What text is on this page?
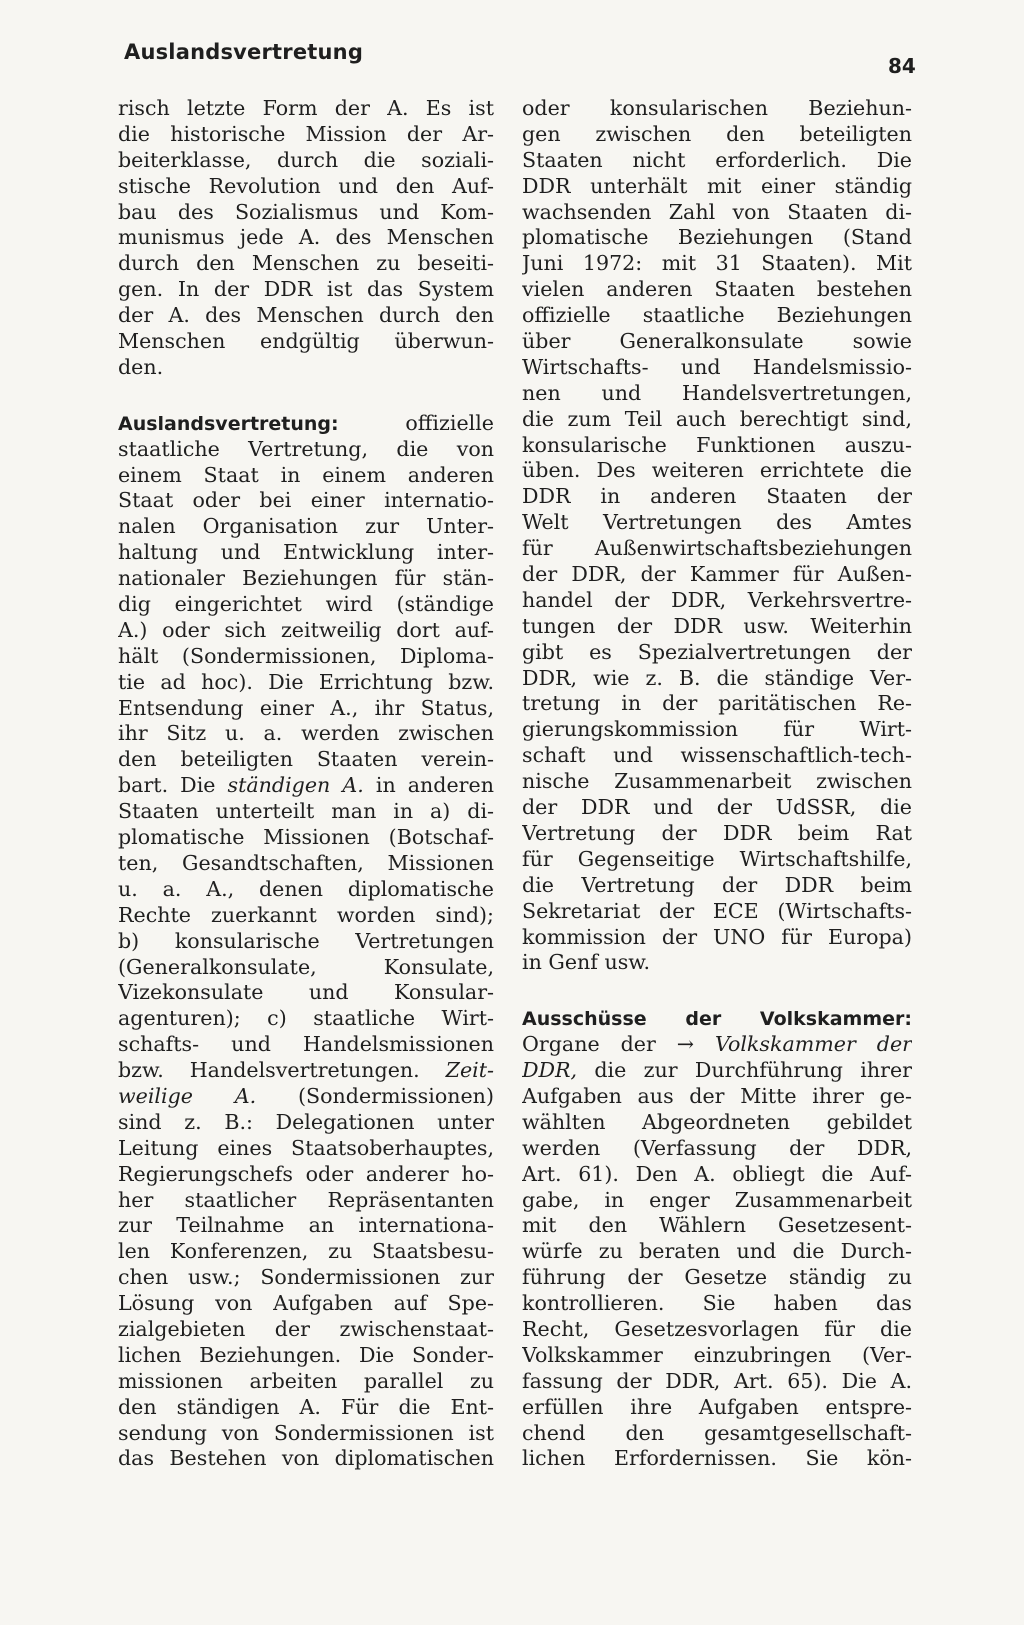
Auslandsvertretung
84
risch letzte Form der A. Es ist
die historische Mission der Ar-
beiterklasse, durch die soziali-
stische Revolution und den Auf-
bau des Sozialismus und Kom-
munismus jede A. des Menschen
durch den Menschen zu beseiti-
gen. In der DDR ist das System
der A. des Menschen durch den
Menschen endgültig überwun-
den.
Auslandsvertretung: offizielle
staatliche Vertretung, die von
einem Staat in einem anderen
Staat oder bei einer internatio-
nalen Organisation zur Unter-
haltung und Entwicklung inter-
nationaler Beziehungen für stän-
dig eingerichtet wird (ständige
A.) oder sich zeitweilig dort auf-
hält (Sondermissionen, Diploma-
tie ad hoc). Die Errichtung bzw.
Entsendung einer A., ihr Status,
ihr Sitz u. a. werden zwischen
den beteiligten Staaten verein-
bart. Die ständigen A. in anderen
Staaten unterteilt man in a) di-
plomatische Missionen (Botschaf-
ten, Gesandtschaften, Missionen
u. a. A., denen diplomatische
Rechte zuerkannt worden sind);
b) konsularische Vertretungen
(Generalkonsulate, Konsulate,
Vizekonsulate und Konsular-
agenturen); c) staatliche Wirt-
schafts- und Handelsmissionen
bzw. Handelsvertretungen. Zeit-
weilige A. (Sondermissionen)
sind z. B.: Delegationen unter
Leitung eines Staatsoberhauptes,
Regierungschefs oder anderer ho-
her staatlicher Repräsentanten
zur Teilnahme an internationa-
len Konferenzen, zu Staatsbesu-
chen usw.; Sondermissionen zur
Lösung von Aufgaben auf Spe-
zialgebieten der zwischenstaat-
lichen Beziehungen. Die Sonder-
missionen arbeiten parallel zu
den ständigen A. Für die Ent-
sendung von Sondermissionen ist
das Bestehen von diplomatischen
oder konsularischen Beziehun-
gen zwischen den beteiligten
Staaten nicht erforderlich. Die
DDR unterhält mit einer ständig
wachsenden Zahl von Staaten di-
plomatische Beziehungen (Stand
Juni 1972: mit 31 Staaten). Mit
vielen anderen Staaten bestehen
offizielle staatliche Beziehungen
über Generalkonsulate sowie
Wirtschafts- und Handelsmissio-
nen und Handelsvertretungen,
die zum Teil auch berechtigt sind,
konsularische Funktionen auszu-
üben. Des weiteren errichtete die
DDR in anderen Staaten der
Welt Vertretungen des Amtes
für Außenwirtschaftsbeziehungen
der DDR, der Kammer für Außen-
handel der DDR, Verkehrsvertre-
tungen der DDR usw. Weiterhin
gibt es Spezialvertretungen der
DDR, wie z. B. die ständige Ver-
tretung in der paritätischen Re-
gierungskommission für Wirt-
schaft und wissenschaftlich-tech-
nische Zusammenarbeit zwischen
der DDR und der UdSSR, die
Vertretung der DDR beim Rat
für Gegenseitige Wirtschaftshilfe,
die Vertretung der DDR beim
Sekretariat der ECE (Wirtschafts-
kommission der UNO für Europa)
in Genf usw.
Ausschüsse der Volkskammer:
Organe der → Volkskammer der
DDR, die zur Durchführung ihrer
Aufgaben aus der Mitte ihrer ge-
wählten Abgeordneten gebildet
werden (Verfassung der DDR,
Art. 61). Den A. obliegt die Auf-
gabe, in enger Zusammenarbeit
mit den Wählern Gesetzesent-
würfe zu beraten und die Durch-
führung der Gesetze ständig zu
kontrollieren. Sie haben das
Recht, Gesetzesvorlagen für die
Volkskammer einzubringen (Ver-
fassung der DDR, Art. 65). Die A.
erfüllen ihre Aufgaben entspre-
chend den gesamtgesellschaft-
lichen Erfordernissen. Sie kön-
